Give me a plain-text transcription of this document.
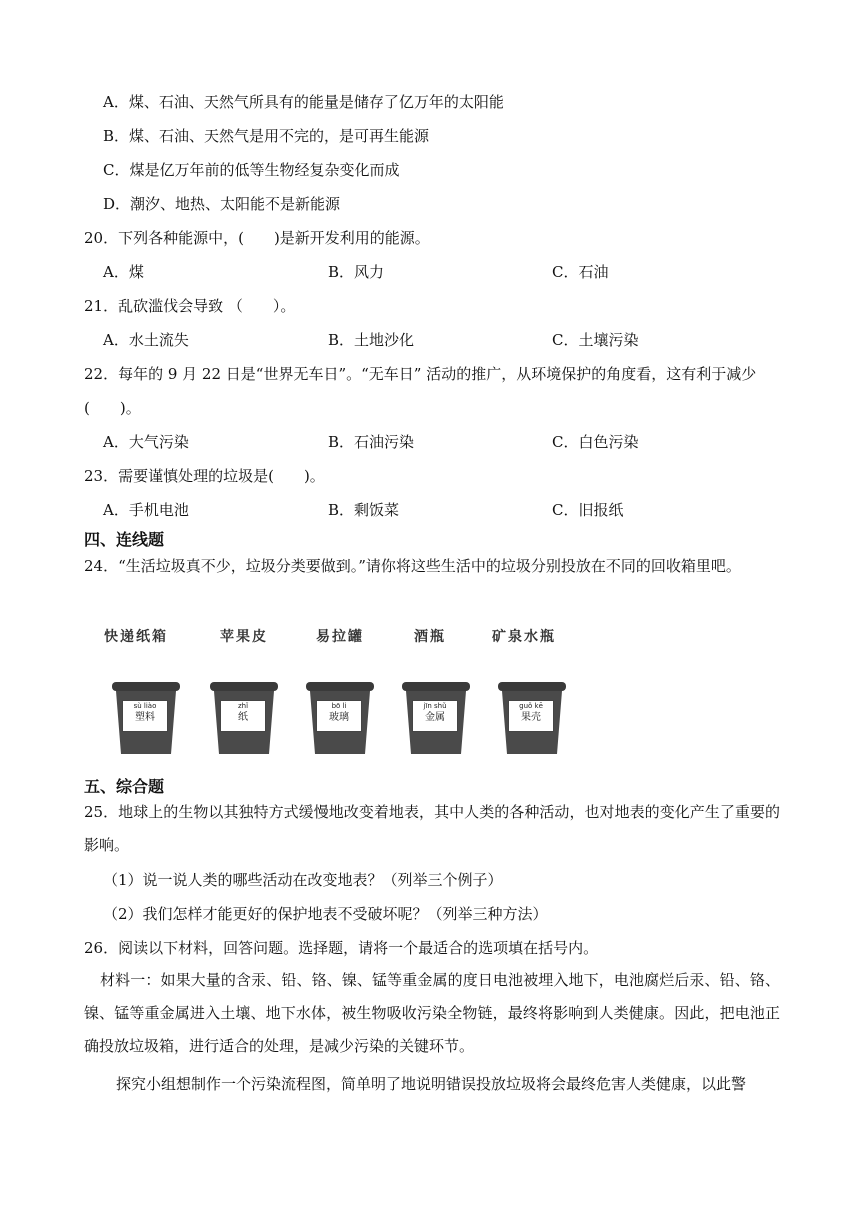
A．煤、石油、天然气所具有的能量是储存了亿万年的太阳能
B．煤、石油、天然气是用不完的，是可再生能源
C．煤是亿万年前的低等生物经复杂变化而成
D．潮汐、地热、太阳能不是新能源
20．下列各种能源中，(　　)是新开发利用的能源。
A．煤	B．风力	C．石油
21．乱砍滥伐会导致 （　　）。
A．水土流失	B．土地沙化	C．土壤污染
22．每年的 9 月 22 日是“世界无车日”。“无车日” 活动的推广，从环境保护的角度看，这有利于减少
(　　)。
A．大气污染	B．石油污染	C．白色污染
23．需要谨慎处理的垃圾是(　　)。
A．手机电池	B．剩饭菜	C．旧报纸
四、连线题
24．“生活垃圾真不少，垃圾分类要做到。”请你将这些生活中的垃圾分别投放在不同的回收箱里吧。
快递纸箱	苹果皮	易拉罐	酒瓶	矿泉水瓶
sù liào
塑料
zhǐ
纸
bō li
玻璃
jīn shǔ
金属
guǒ kē
果壳
五、综合题
25．地球上的生物以其独特方式缓慢地改变着地表，其中人类的各种活动，也对地表的变化产生了重要的影响。
（1）说一说人类的哪些活动在改变地表？（列举三个例子）
（2）我们怎样才能更好的保护地表不受破坏呢？（列举三种方法）
26．阅读以下材料，回答问题。选择题，请将一个最适合的选项填在括号内。
材料一：如果大量的含汞、铅、铬、镍、锰等重金属的度日电池被埋入地下，电池腐烂后汞、铅、铬、镍、锰等重金属进入土壤、地下水体，被生物吸收污染全物链，最终将影响到人类健康。因此，把电池正确投放垃圾箱，进行适合的处理，是减少污染的关键环节。
探究小组想制作一个污染流程图，简单明了地说明错误投放垃圾将会最终危害人类健康，以此警
